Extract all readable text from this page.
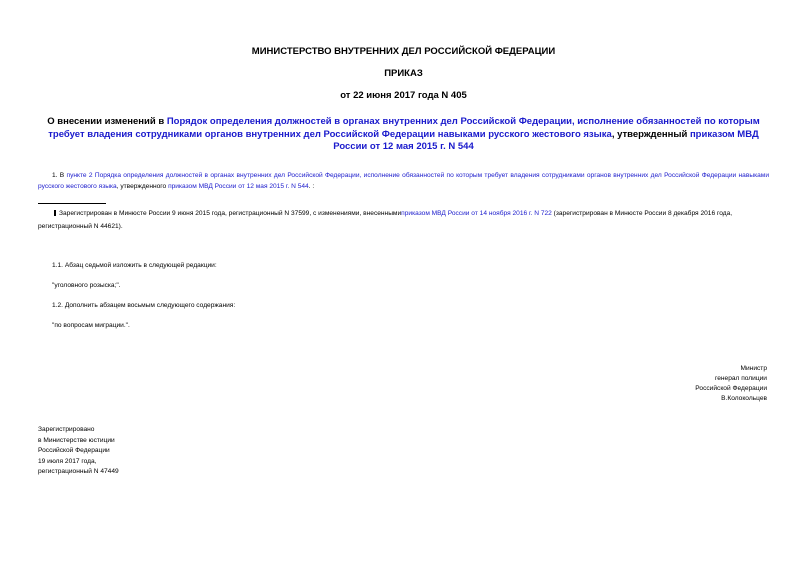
МИНИСТЕРСТВО ВНУТРЕННИХ ДЕЛ РОССИЙСКОЙ ФЕДЕРАЦИИ
ПРИКАЗ
от 22 июня 2017 года N 405
О внесении изменений в Порядок определения должностей в органах внутренних дел Российской Федерации, исполнение обязанностей по которым требует владения сотрудниками органов внутренних дел Российской Федерации навыками русского жестового языка, утвержденный приказом МВД России от 12 мая 2015 г. N 544
1. В пункте 2 Порядка определения должностей в органах внутренних дел Российской Федерации, исполнение обязанностей по которым требует владения сотрудниками органов внутренних дел Российской Федерации навыками русского жестового языка, утвержденного приказом МВД России от 12 мая 2015 г. N 544. :
Зарегистрирован в Минюсте России 9 июня 2015 года, регистрационный N 37599, с изменениями, внесеннымиприказом МВД России от 14 ноября 2016 г. N 722 (зарегистрирован в Минюсте России 8 декабря 2016 года, регистрационный N 44621).
1.1. Абзац седьмой изложить в следующей редакции:
"уголовного розыска;".
1.2. Дополнить абзацем восьмым следующего содержания:
"по вопросам миграции.".
Министр
генерал полиции
Российской Федерации
В.Колокольцев
Зарегистрировано
в Министерстве юстиции
Российской Федерации
19 июля 2017 года,
регистрационный N 47449
